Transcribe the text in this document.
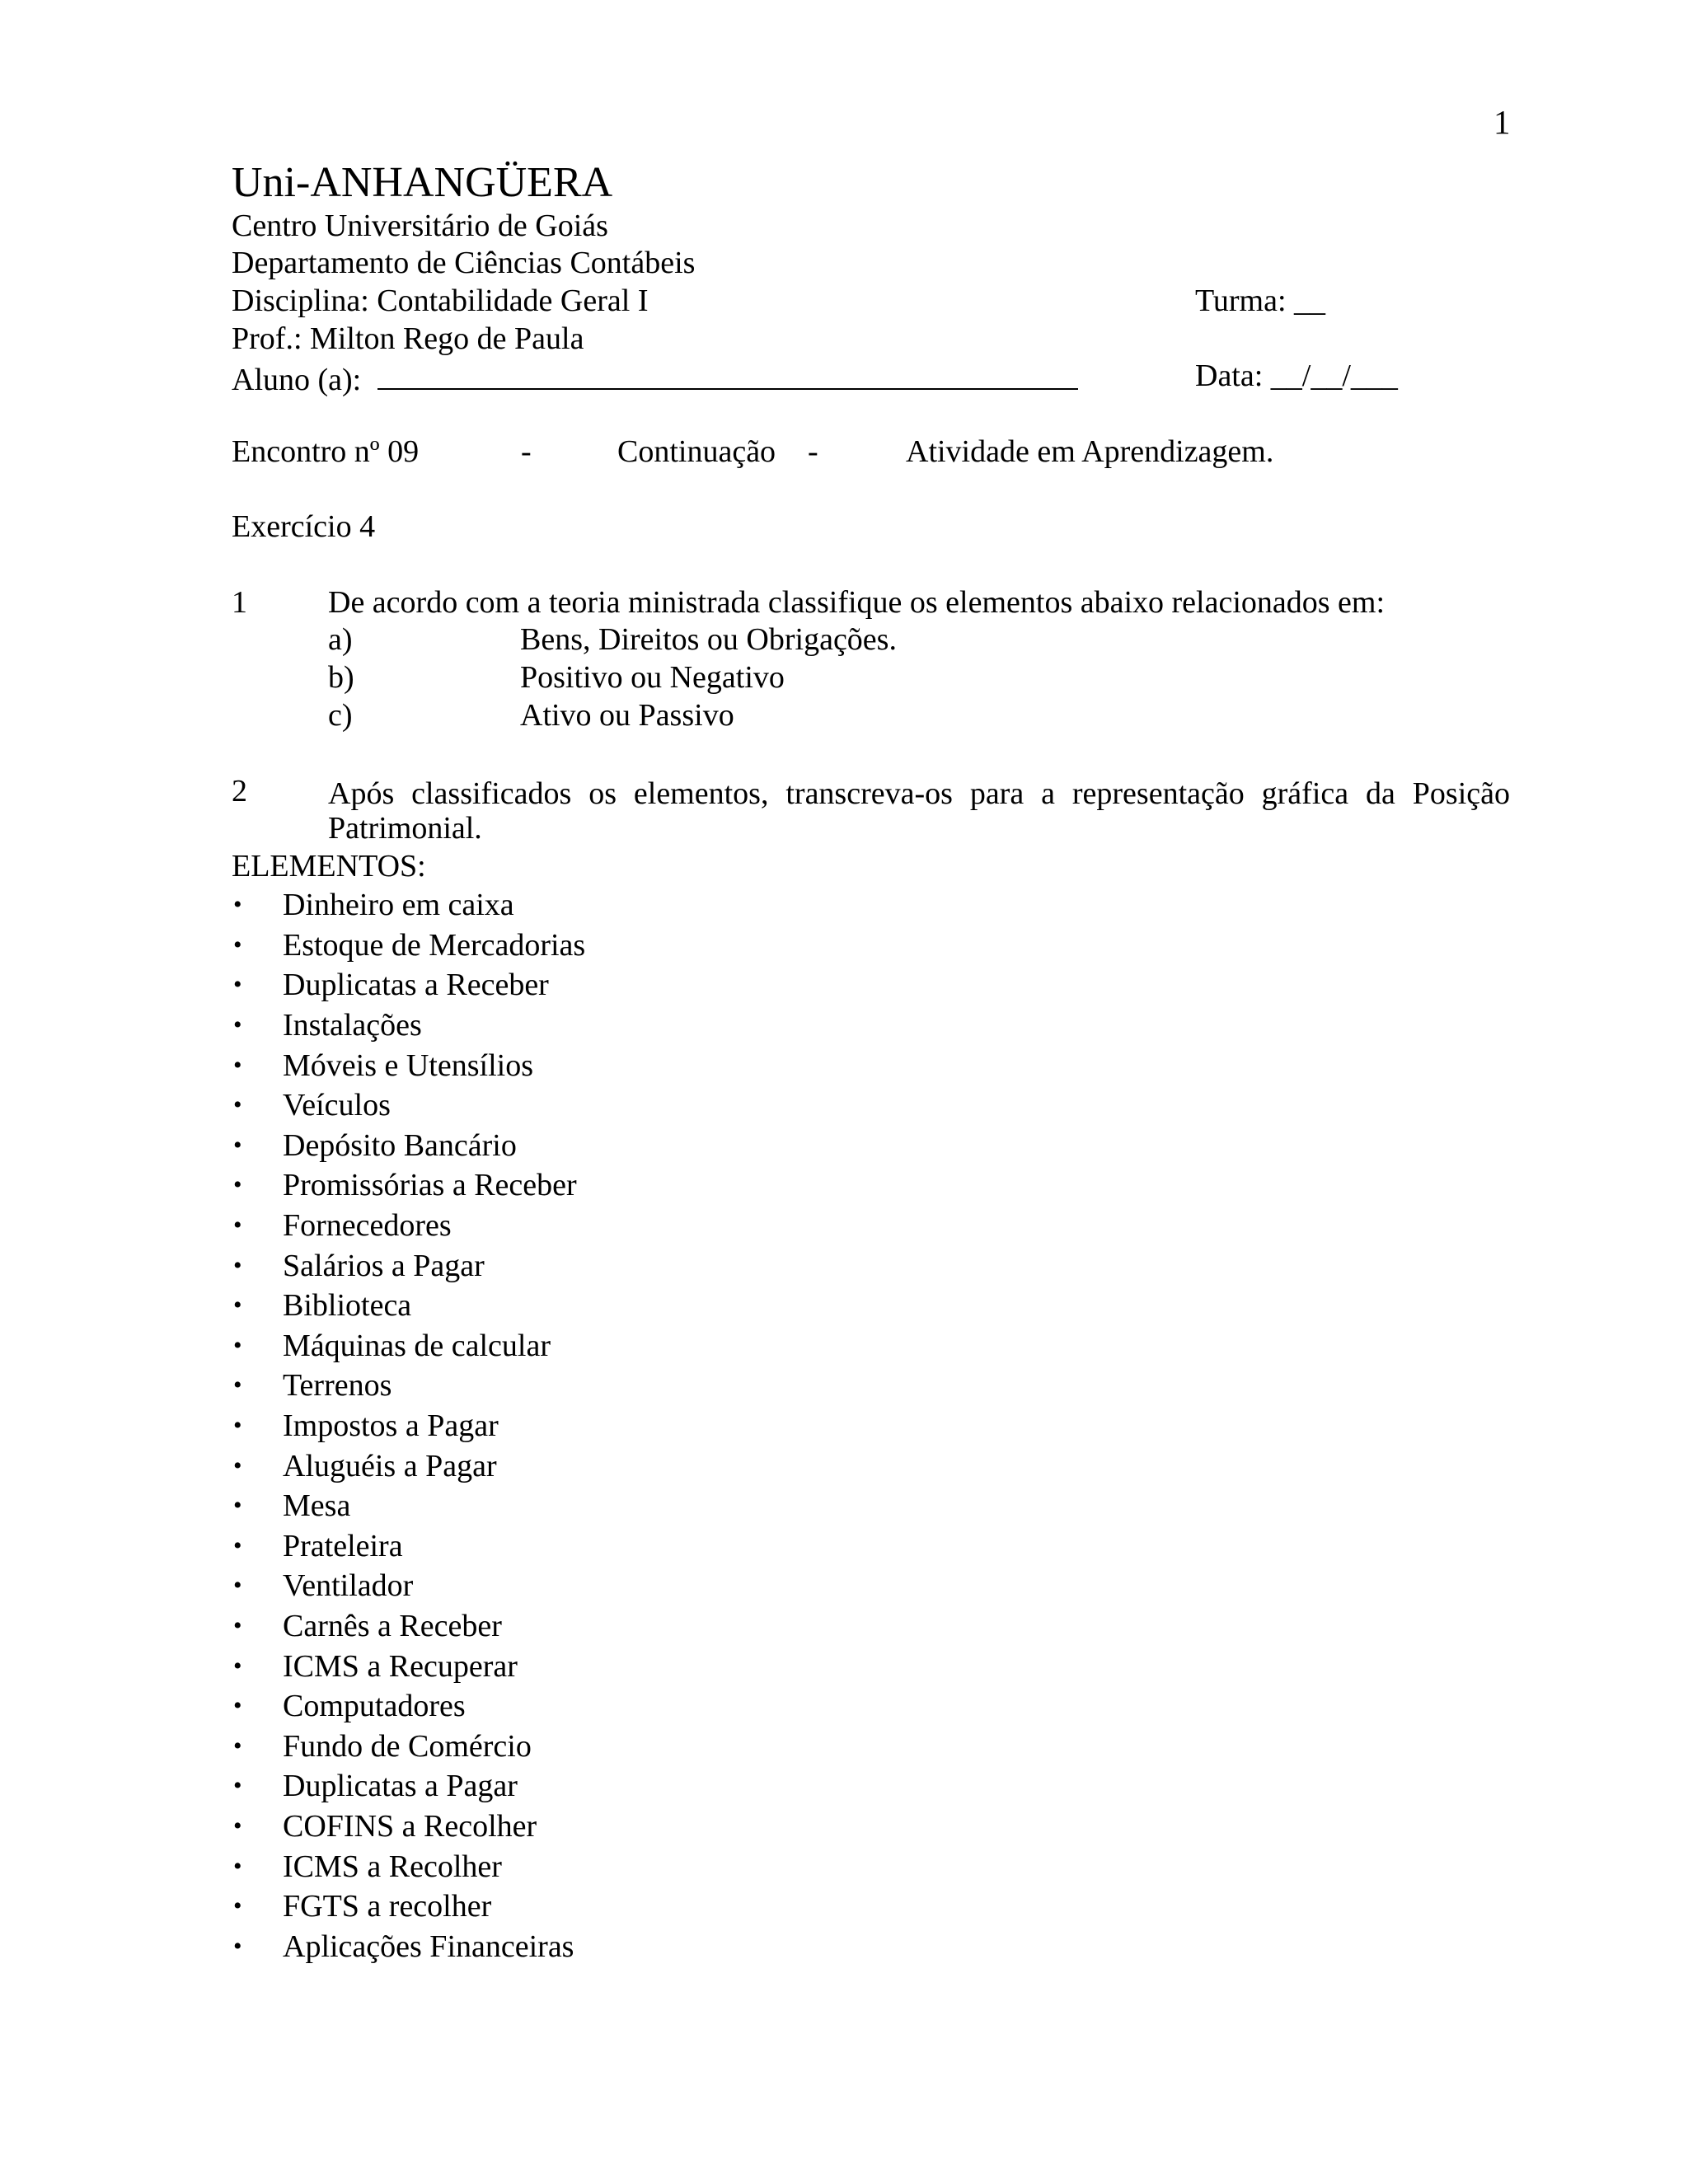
1
Uni-ANHANGÜERA
Centro Universitário de Goiás
Departamento de Ciências Contábeis
Disciplina: Contabilidade Geral I	Turma: __
Prof.: Milton Rego de Paula
Aluno (a):	Data: __/__/___
Encontro nº 09	-	Continuação -	Atividade em Aprendizagem.
Exercício 4
1	De acordo com a teoria ministrada classifique os elementos abaixo relacionados em:
a)	Bens, Direitos ou Obrigações.
b)	Positivo ou Negativo
c)	Ativo ou Passivo
2	Após classificados os elementos, transcreva-os para a representação gráfica da Posição
Patrimonial.
ELEMENTOS:
•	Dinheiro em caixa
•	Estoque de Mercadorias
•	Duplicatas a Receber
•	Instalações
•	Móveis e Utensílios
•	Veículos
•	Depósito Bancário
•	Promissórias a Receber
•	Fornecedores
•	Salários a Pagar
•	Biblioteca
•	Máquinas de calcular
•	Terrenos
•	Impostos a Pagar
•	Aluguéis a Pagar
•	Mesa
•	Prateleira
•	Ventilador
•	Carnês a Receber
•	ICMS a Recuperar
•	Computadores
•	Fundo de Comércio
•	Duplicatas a Pagar
•	COFINS a Recolher
•	ICMS a Recolher
•	FGTS a recolher
•	Aplicações Financeiras
